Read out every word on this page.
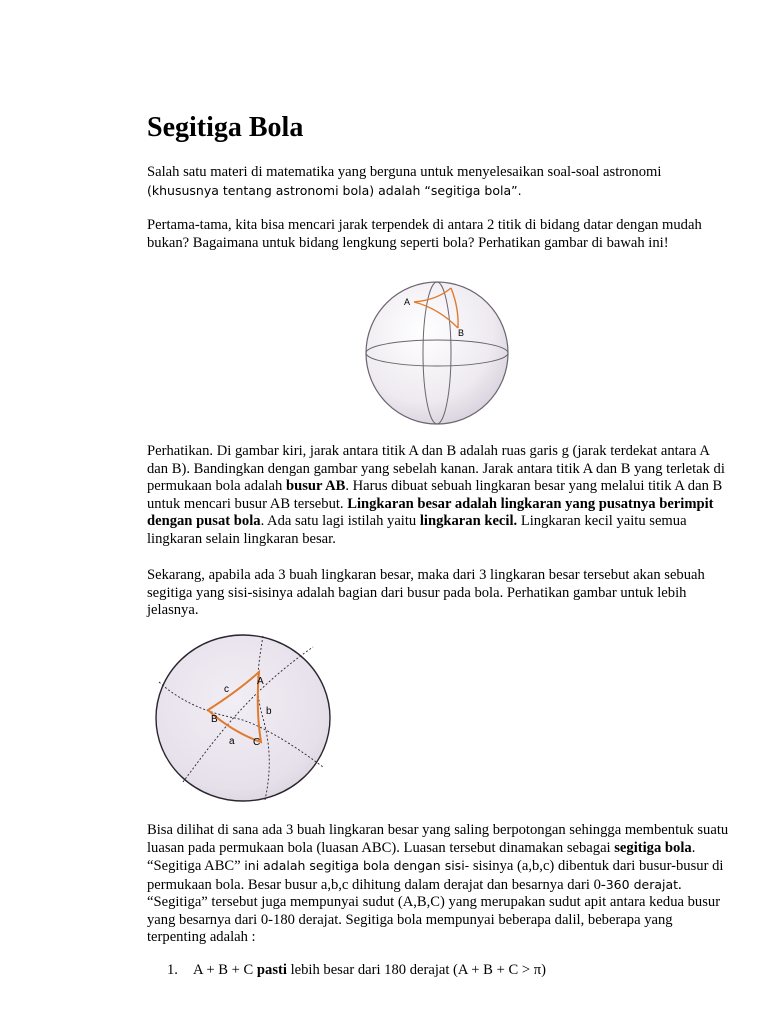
Segitiga Bola

Salah satu materi di matematika yang berguna untuk menyelesaikan soal-soal astronomi (khususnya tentang astronomi bola) adalah “segitiga bola”.

Pertama-tama, kita bisa mencari jarak terpendek di antara 2 titik di bidang datar dengan mudah bukan? Bagaimana untuk bidang lengkung seperti bola? Perhatikan gambar di bawah ini!

A
B

Perhatikan. Di gambar kiri, jarak antara titik A dan B adalah ruas garis g (jarak terdekat antara A dan B). Bandingkan dengan gambar yang sebelah kanan. Jarak antara titik A dan B yang terletak di permukaan bola adalah busur AB. Harus dibuat sebuah lingkaran besar yang melalui titik A dan B untuk mencari busur AB tersebut. Lingkaran besar adalah lingkaran yang pusatnya berimpit dengan pusat bola. Ada satu lagi istilah yaitu lingkaran kecil. Lingkaran kecil yaitu semua lingkaran selain lingkaran besar.

Sekarang, apabila ada 3 buah lingkaran besar, maka dari 3 lingkaran besar tersebut akan sebuah segitiga yang sisi-sisinya adalah bagian dari busur pada bola. Perhatikan gambar untuk lebih jelasnya.

A
B
C
a
b
c

Bisa dilihat di sana ada 3 buah lingkaran besar yang saling berpotongan sehingga membentuk suatu luasan pada permukaan bola (luasan ABC). Luasan tersebut dinamakan sebagai segitiga bola. “Segitiga ABC” ini adalah segitiga bola dengan sisi- sisinya (a,b,c) dibentuk dari busur-busur di permukaan bola. Besar busur a,b,c dihitung dalam derajat dan besarnya dari 0-360 derajat. “Segitiga” tersebut juga mempunyai sudut (A,B,C) yang merupakan sudut apit antara kedua busur yang besarnya dari 0-180 derajat. Segitiga bola mempunyai beberapa dalil, beberapa yang terpenting adalah :

1. A + B + C pasti lebih besar dari 180 derajat (A + B + C > π)
